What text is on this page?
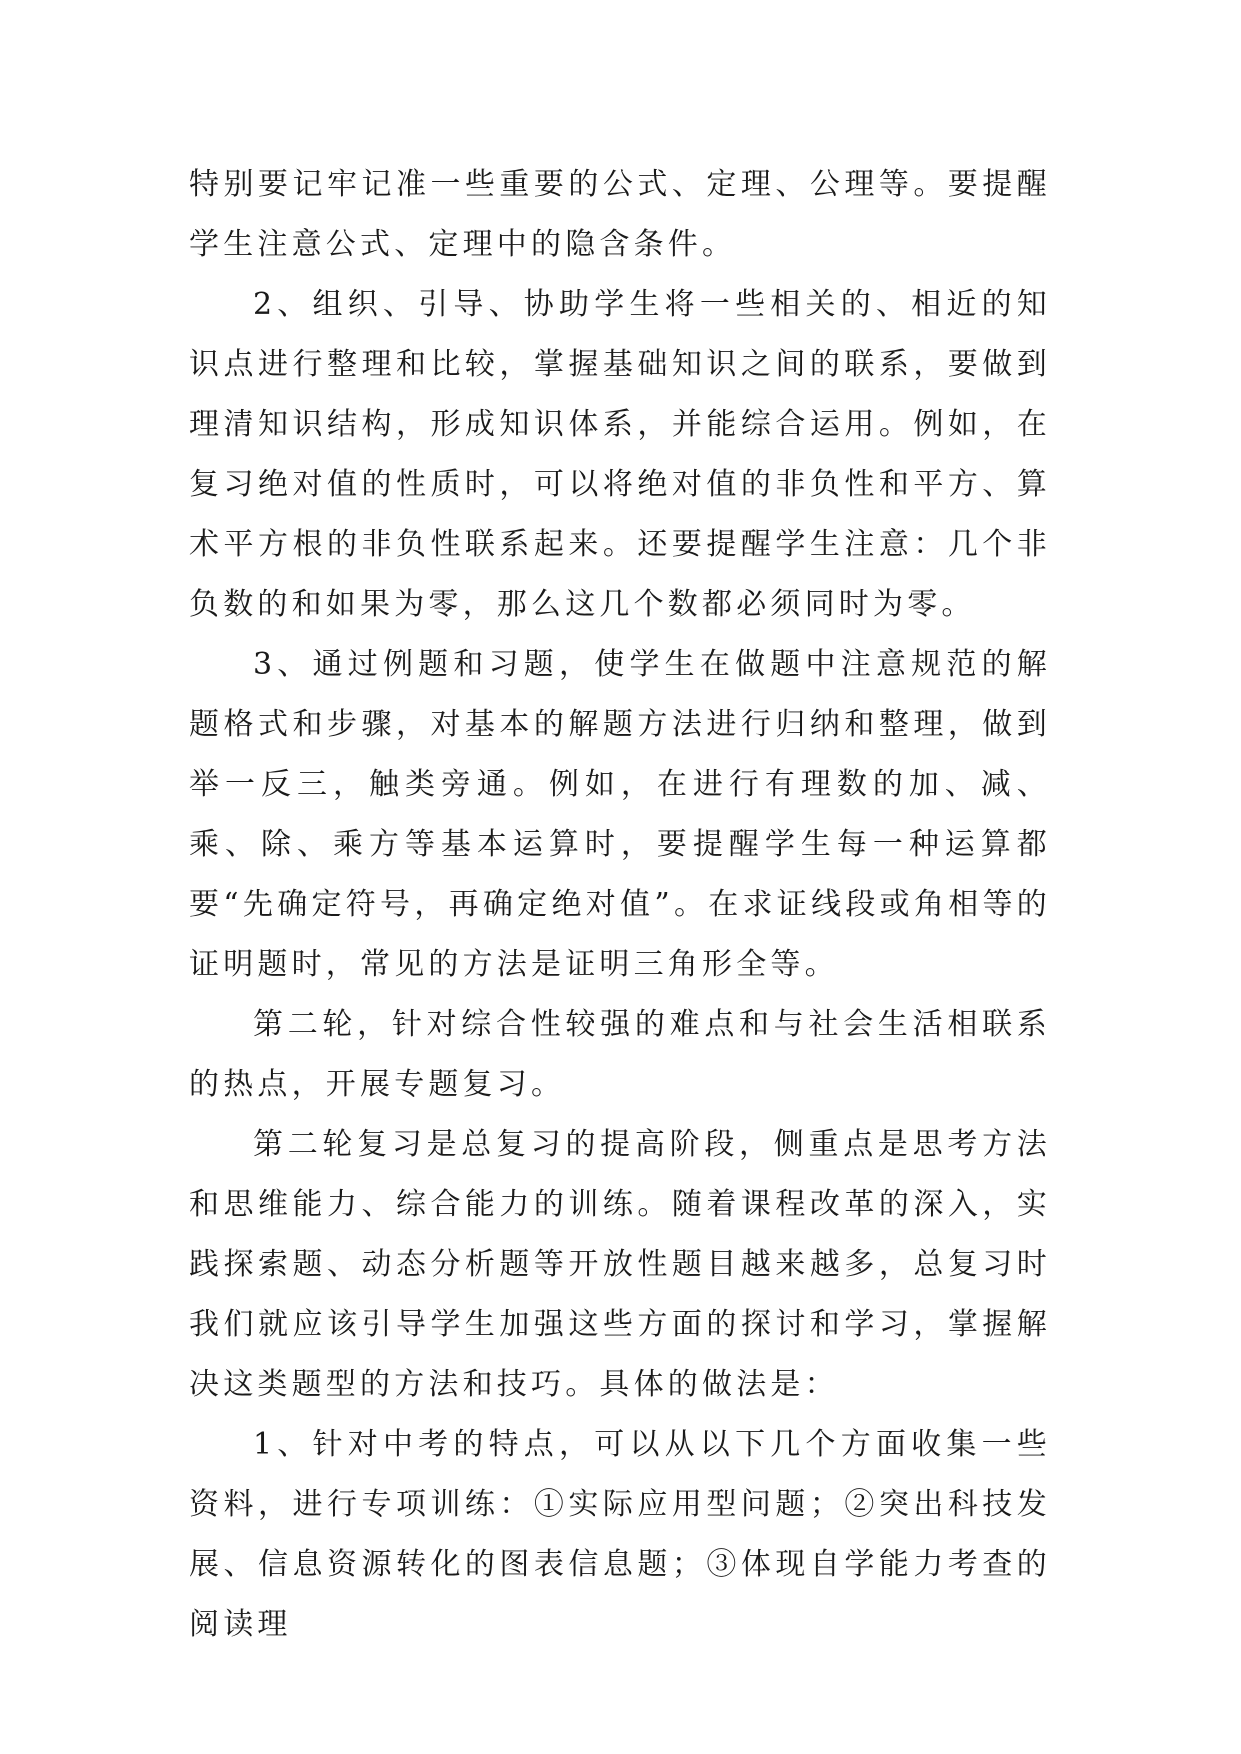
特别要记牢记准一些重要的公式、定理、公理等。要提醒学生注意公式、定理中的隐含条件。

2、组织、引导、协助学生将一些相关的、相近的知识点进行整理和比较，掌握基础知识之间的联系，要做到理清知识结构，形成知识体系，并能综合运用。例如，在复习绝对值的性质时，可以将绝对值的非负性和平方、算术平方根的非负性联系起来。还要提醒学生注意：几个非负数的和如果为零，那么这几个数都必须同时为零。

3、通过例题和习题，使学生在做题中注意规范的解题格式和步骤，对基本的解题方法进行归纳和整理，做到举一反三，触类旁通。例如，在进行有理数的加、减、乘、除、乘方等基本运算时，要提醒学生每一种运算都要“先确定符号，再确定绝对值”。在求证线段或角相等的证明题时，常见的方法是证明三角形全等。

第二轮，针对综合性较强的难点和与社会生活相联系的热点，开展专题复习。

第二轮复习是总复习的提高阶段，侧重点是思考方法和思维能力、综合能力的训练。随着课程改革的深入，实践探索题、动态分析题等开放性题目越来越多，总复习时我们就应该引导学生加强这些方面的探讨和学习，掌握解决这类题型的方法和技巧。具体的做法是：

1、针对中考的特点，可以从以下几个方面收集一些资料，进行专项训练：①实际应用型问题；②突出科技发展、信息资源转化的图表信息题；③体现自学能力考查的阅读理
